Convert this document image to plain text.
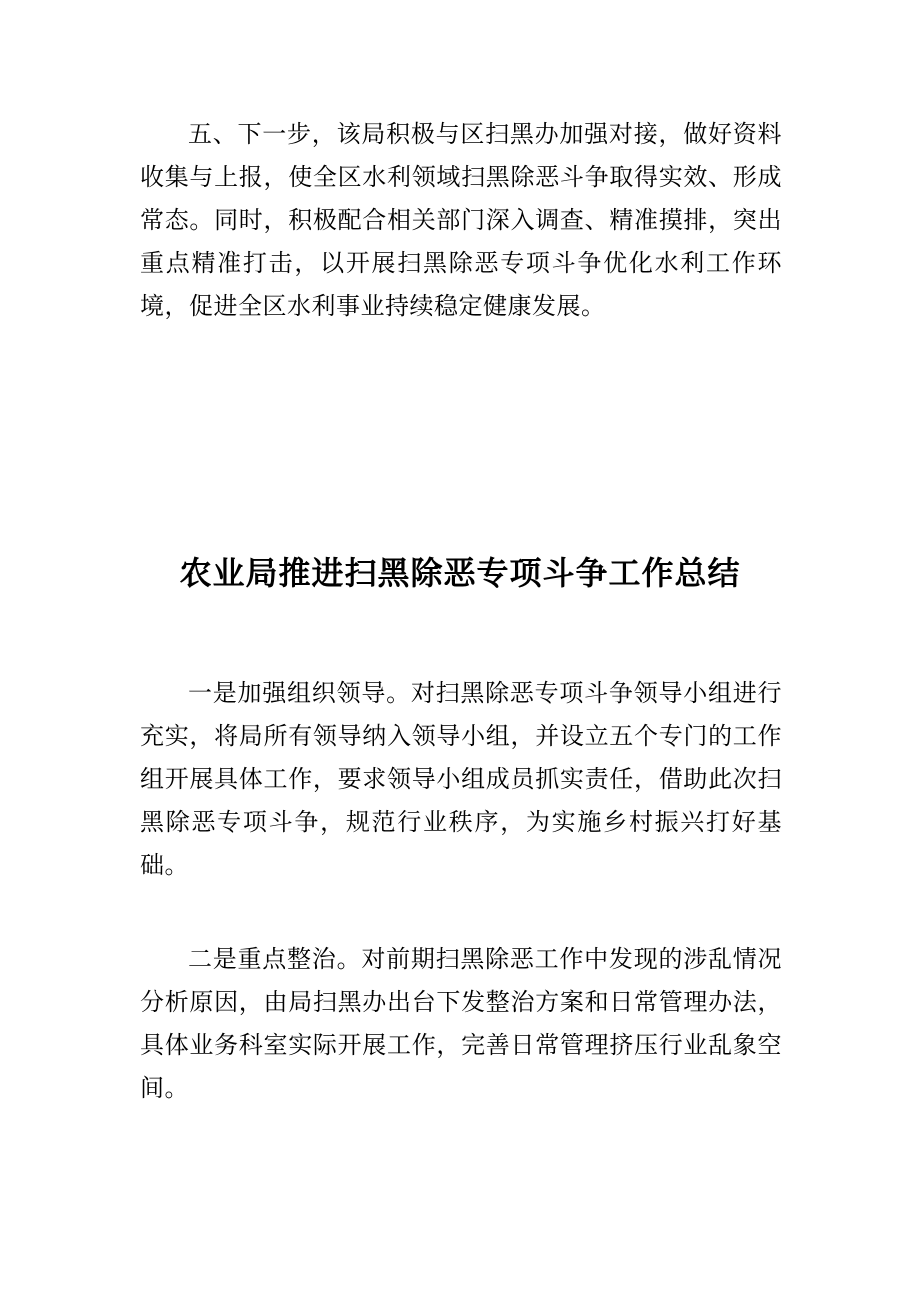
五、下一步，该局积极与区扫黑办加强对接，做好资料收集与上报，使全区水利领域扫黑除恶斗争取得实效、形成常态。同时，积极配合相关部门深入调查、精准摸排，突出重点精准打击，以开展扫黑除恶专项斗争优化水利工作环境，促进全区水利事业持续稳定健康发展。

农业局推进扫黑除恶专项斗争工作总结

一是加强组织领导。对扫黑除恶专项斗争领导小组进行充实，将局所有领导纳入领导小组，并设立五个专门的工作组开展具体工作，要求领导小组成员抓实责任，借助此次扫黑除恶专项斗争，规范行业秩序，为实施乡村振兴打好基础。

二是重点整治。对前期扫黑除恶工作中发现的涉乱情况分析原因，由局扫黑办出台下发整治方案和日常管理办法，具体业务科室实际开展工作，完善日常管理挤压行业乱象空间。
